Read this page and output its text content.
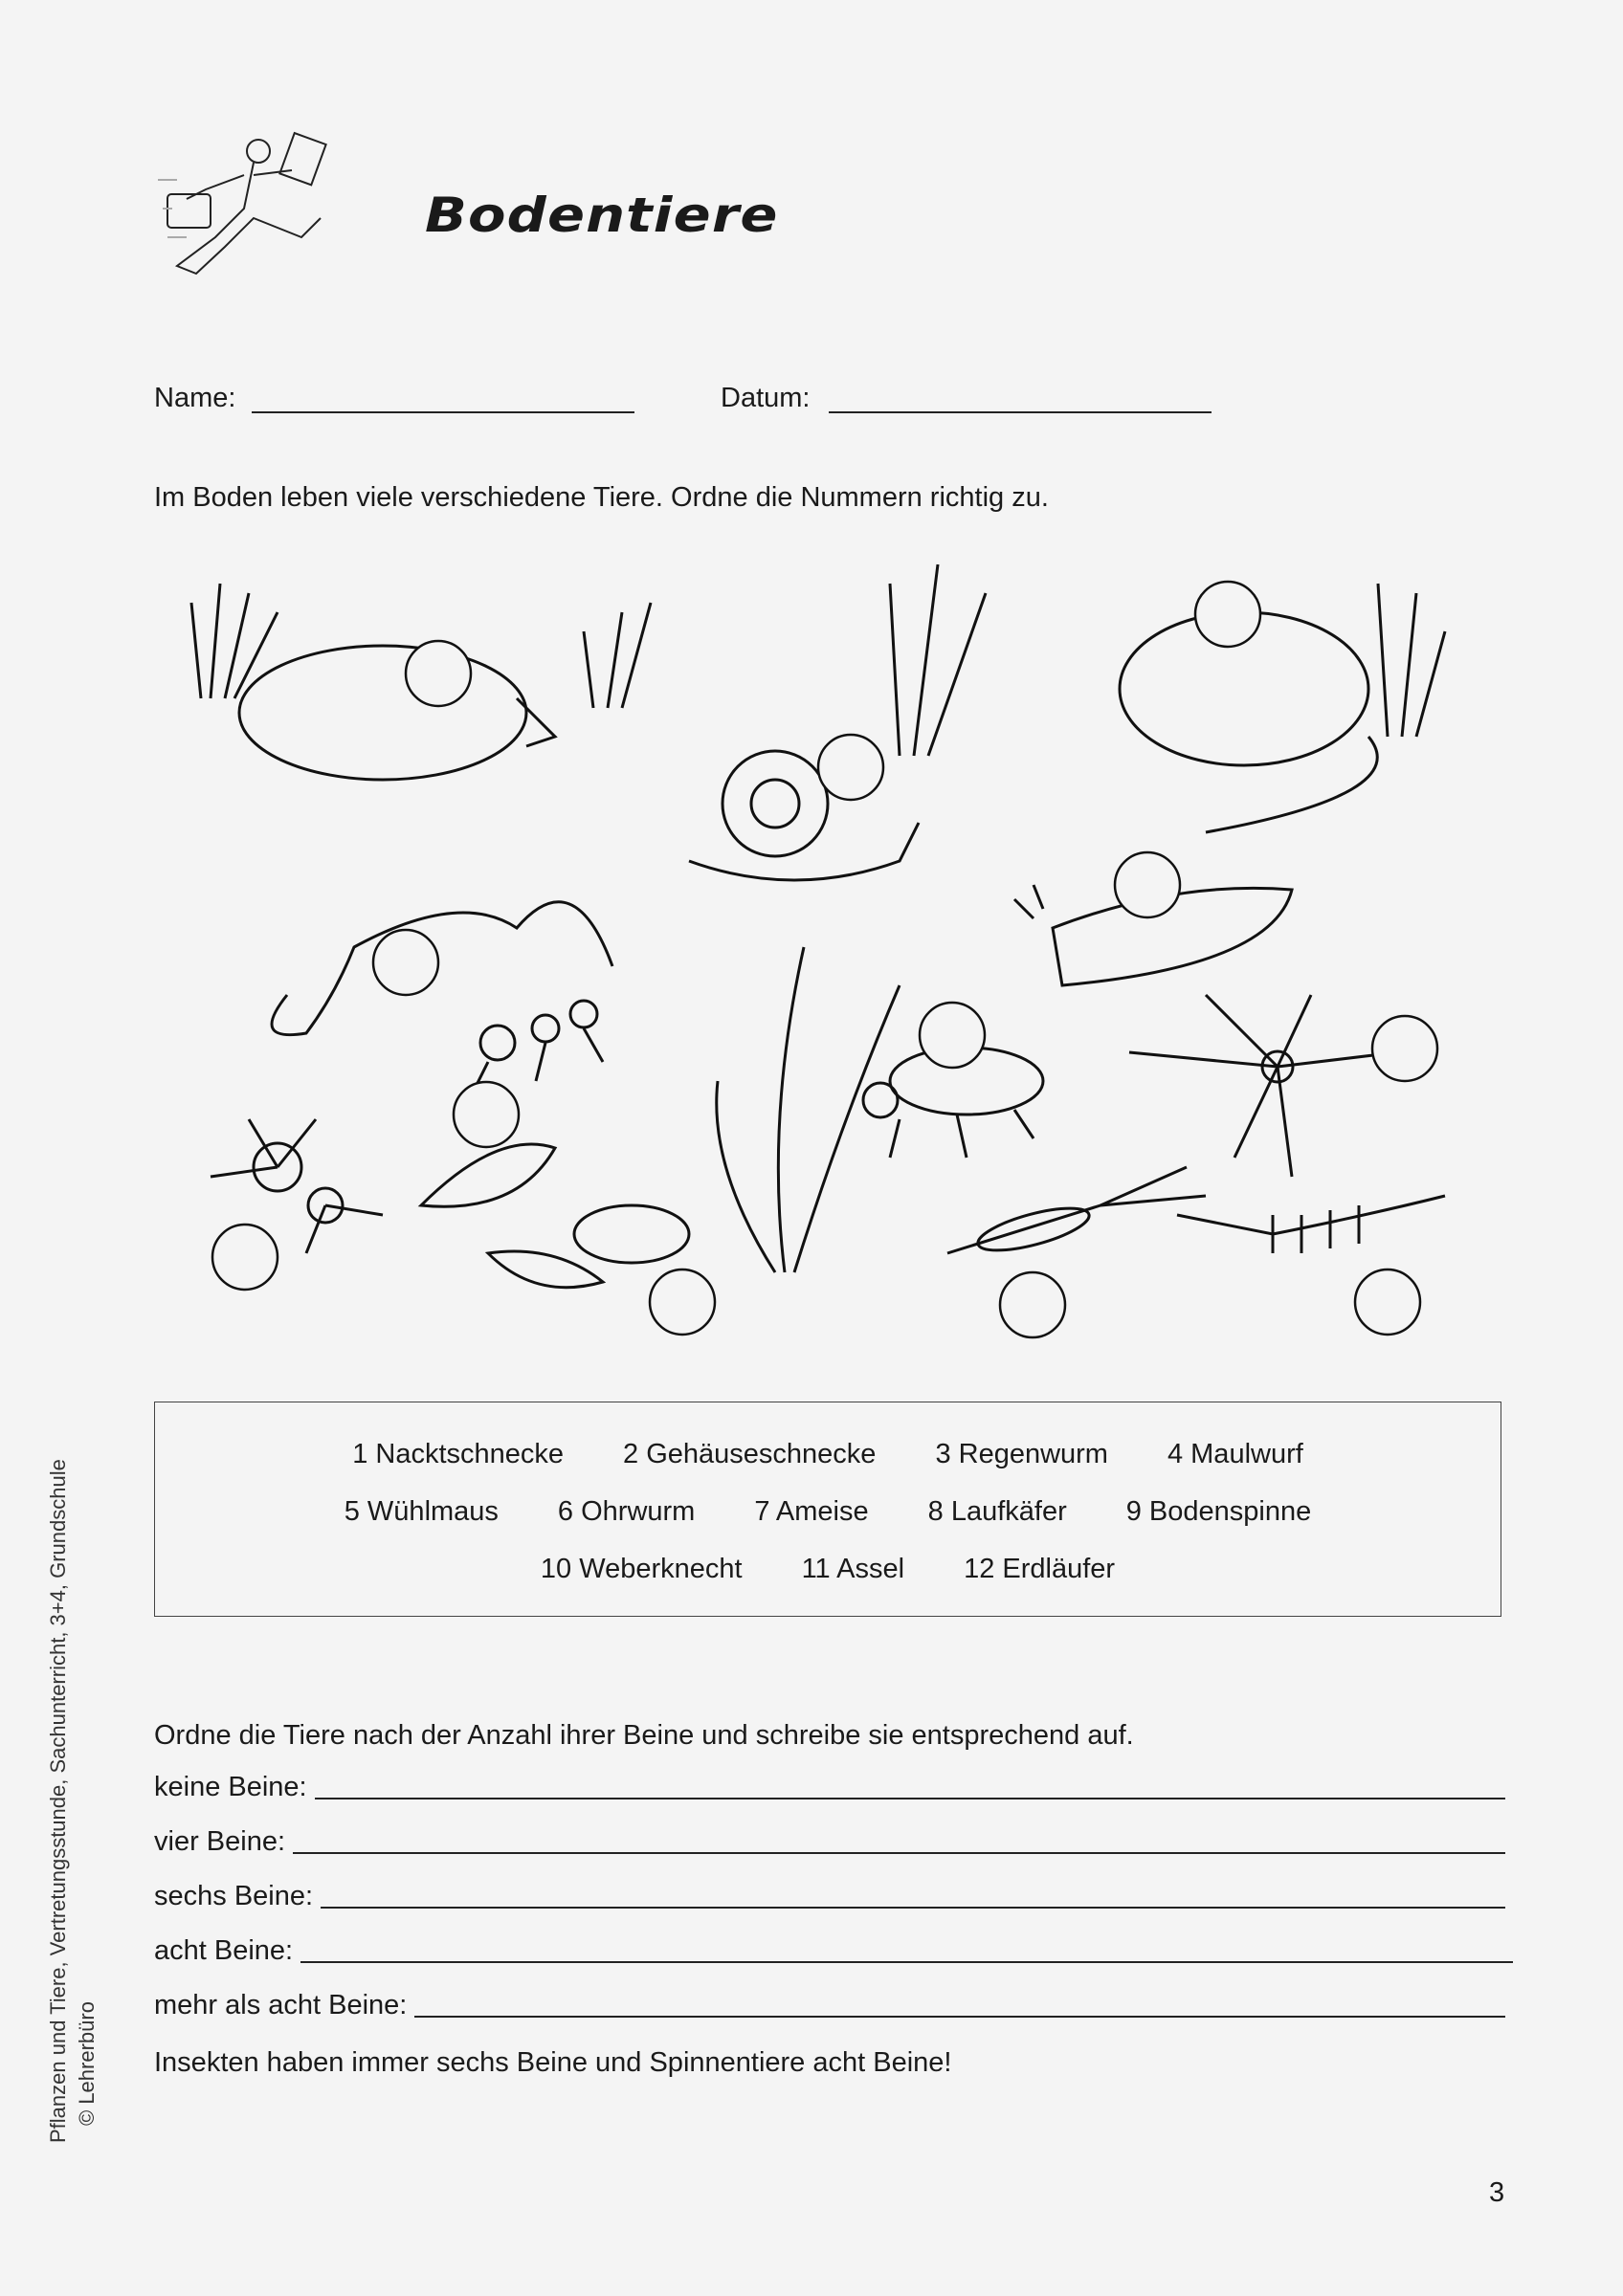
Bodentiere
Name:	Datum:
Im Boden leben viele verschiedene Tiere. Ordne die Nummern richtig zu.
1 Nacktschnecke 2 Gehäuseschnecke 3 Regenwurm 4 Maulwurf
5 Wühlmaus 6 Ohrwurm 7 Ameise 8 Laufkäfer 9 Bodenspinne
10 Weberknecht 11 Assel 12 Erdläufer
Ordne die Tiere nach der Anzahl ihrer Beine und schreibe sie entsprechend auf.
keine Beine:
vier Beine:
sechs Beine:
acht Beine:
mehr als acht Beine:
Insekten haben immer sechs Beine und Spinnentiere acht Beine!
Pflanzen und Tiere, Vertretungsstunde, Sachunterricht, 3+4, Grundschule © Lehrerbüro
3
